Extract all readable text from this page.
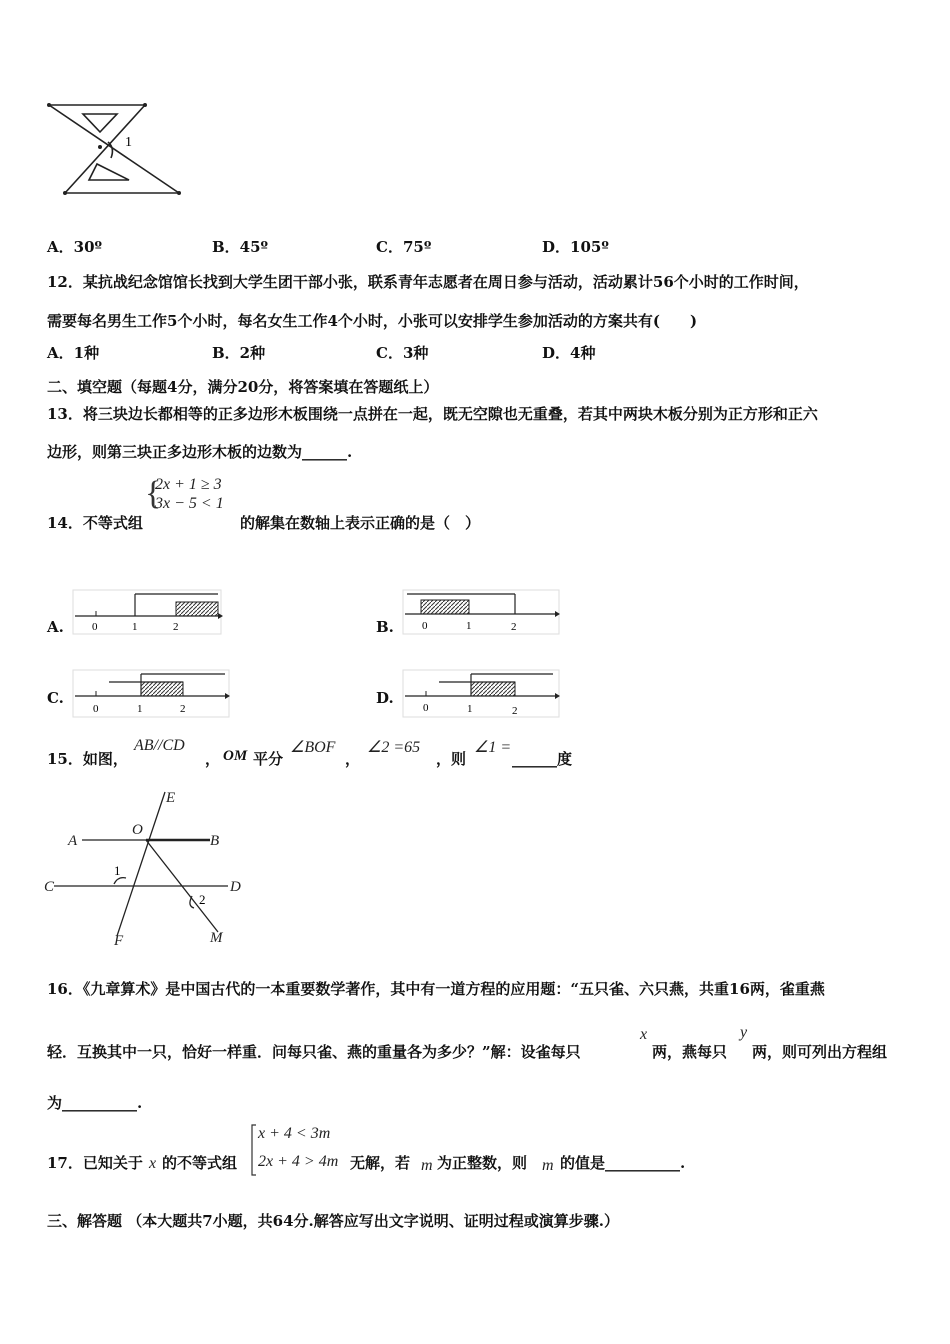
1
A．30º	B．45º	C．75º	D．105º
12．某抗战纪念馆馆长找到大学生团干部小张，联系青年志愿者在周日参与活动，活动累计56个小时的工作时间，
需要每名男生工作5个小时，每名女生工作4个小时，小张可以安排学生参加活动的方案共有(　　)
A．1种	B．2种	C．3种	D．4种
二、填空题（每题4分，满分20分，将答案填在答题纸上）
13．将三块边长都相等的正多边形木板围绕一点拼在一起，既无空隙也无重叠，若其中两块木板分别为正方形和正六
边形，则第三块正多边形木板的边数为______.
14．不等式组
{
2x + 1 ≥ 3
3x − 5 < 1
的解集在数轴上表示正确的是（　）
A.	B.
C.	D.
0	1	2	0	1	2
0	1	2	0	1	2
15．如图，
AB//CD
， OM 平分
∠BOF
，
∠2 =65
，则
∠1 =
______度
E
O
A	B
C	D
F	M
1
2
16．《九章算术》是中国古代的一本重要数学著作，其中有一道方程的应用题：“五只雀、六只燕，共重16两，雀重燕
轻．互换其中一只，恰好一样重．问每只雀、燕的重量各为多少？”解：设雀每只
x
两，燕每只
y
两，则可列出方程组
为__________.
17．已知关于 x 的不等式组
x + 4 < 3m
2x + 4 > 4m 无解，若 m 为正整数，则 m 的值是__________.
三、解答题 （本大题共7小题，共64分.解答应写出文字说明、证明过程或演算步骤.）
